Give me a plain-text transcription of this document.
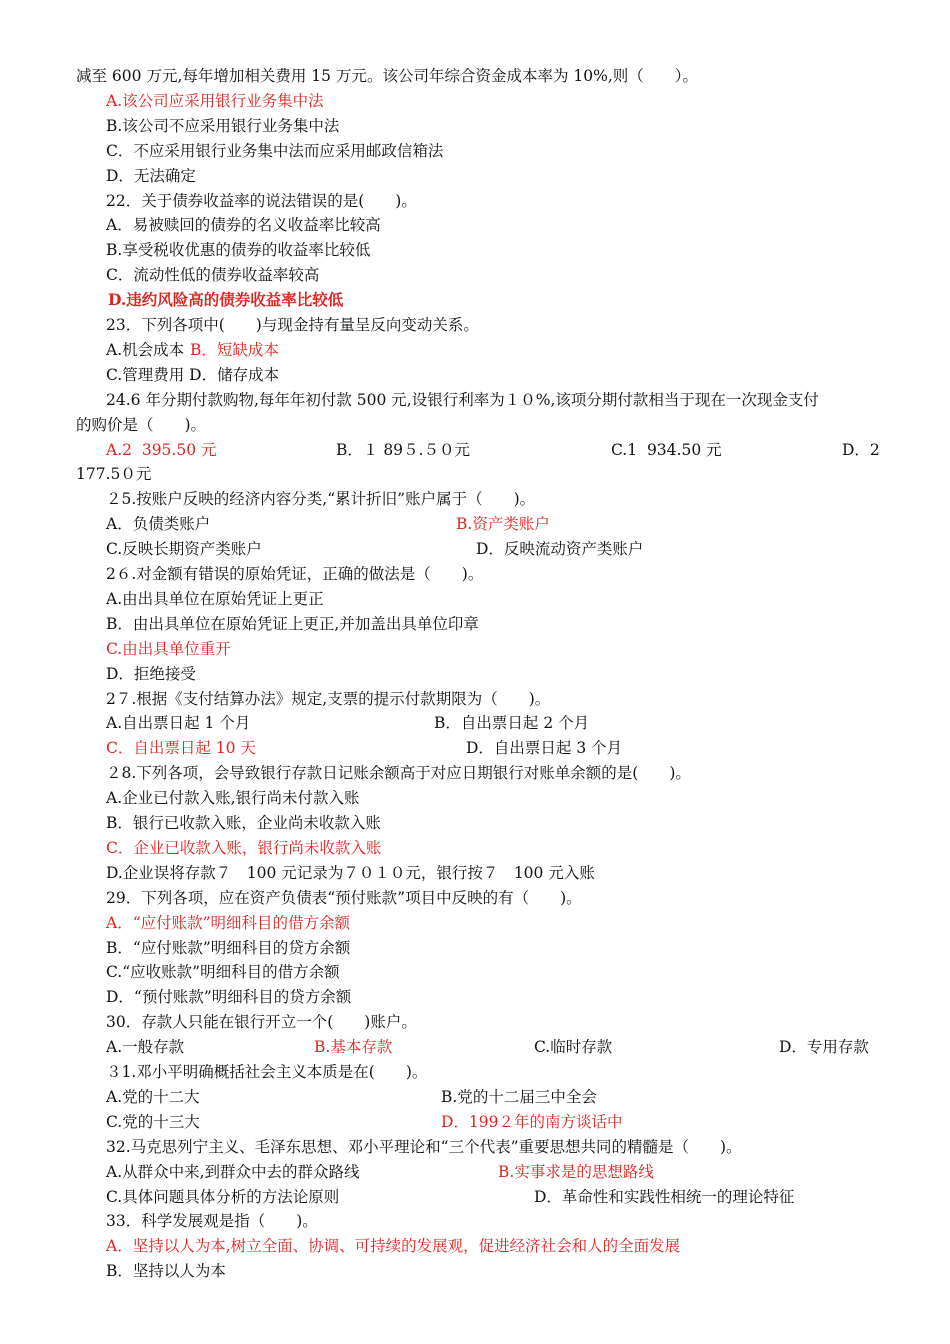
减至 600 万元,每年增加相关费用 15 万元。该公司年综合资金成本率为 10%,则（　　）。
A.该公司应采用银行业务集中法
B.该公司不应采用银行业务集中法
C．不应采用银行业务集中法而应采用邮政信箱法
D．无法确定
22．关于债券收益率的说法错误的是(　　)。
A．易被赎回的债券的名义收益率比较高
B.享受税收优惠的债券的收益率比较低
C．流动性低的债券收益率较高
D.违约风险高的债券收益率比较低
23．下列各项中(　　)与现金持有量呈反向变动关系。
A.机会成本 B．短缺成本
C.管理费用 D．储存成本
24.6 年分期付款购物,每年年初付款 500 元,设银行利率为１０%,该项分期付款相当于现在一次现金支付
的购价是（　　)。
A.2  395.50 元	B．１ 89５.５０元	C.1  934.50 元	D．2
177.5０元
２5.按账户反映的经济内容分类,“累计折旧”账户属于（　　)。
A．负债类账户	B.资产类账户
C.反映长期资产类账户	D．反映流动资产类账户
2６.对金额有错误的原始凭证，正确的做法是（　　)。
A.由出具单位在原始凭证上更正
B．由出具单位在原始凭证上更正,并加盖出具单位印章
C.由出具单位重开
D．拒绝接受
2７.根据《支付结算办法》规定,支票的提示付款期限为（　　)。
A.自出票日起 1 个月	B．自出票日起 2 个月
C．自出票日起 10 天	D．自出票日起 3 个月
２8.下列各项，会导致银行存款日记账余额高于对应日期银行对账单余额的是(　　)。
A.企业已付款入账,银行尚未付款入账
B．银行已收款入账，企业尚未收款入账
C．企业已收款入账，银行尚未收款入账
D.企业误将存款７　100 元记录为７０１０元，银行按７　100 元入账
29．下列各项，应在资产负债表“预付账款”项目中反映的有（　　)。
A．“应付账款”明细科目的借方余额
B．“应付账款”明细科目的贷方余额
C.“应收账款”明细科目的借方余额
D．“预付账款”明细科目的贷方余额
30．存款人只能在银行开立一个(　　)账户。
A.一般存款	B.基本存款	C.临时存款	D．专用存款
３1.邓小平明确概括社会主义本质是在(　　)。
A.党的十二大	B.党的十二届三中全会
C.党的十三大	D．199２年的南方谈话中
32.马克思列宁主义、毛泽东思想、邓小平理论和“三个代表”重要思想共同的精髓是（　　)。
A.从群众中来,到群众中去的群众路线	B.实事求是的思想路线
C.具体问题具体分析的方法论原则	D．革命性和实践性相统一的理论特征
33．科学发展观是指（　　)。
A．坚持以人为本,树立全面、协调、可持续的发展观，促进经济社会和人的全面发展
B．坚持以人为本
